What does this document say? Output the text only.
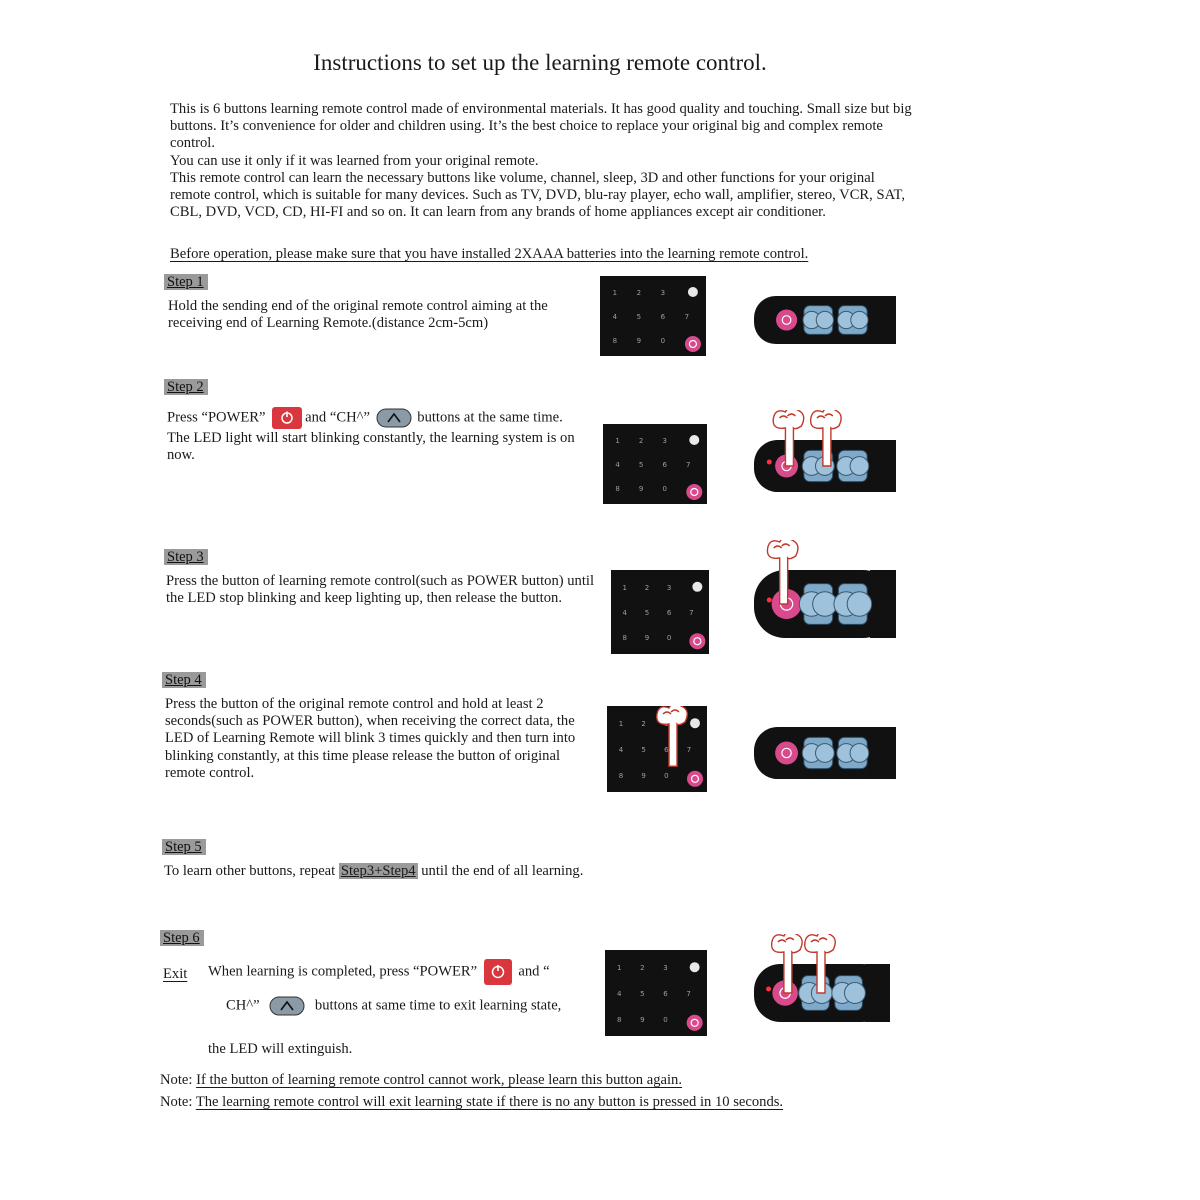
Instructions to set up the learning remote control.

This is 6 buttons learning remote control made of environmental materials. It has good quality and touching. Small size but big buttons. It’s convenience for older and children using. It’s the best choice to replace your original big and complex remote control.

You can use it only if it was learned from your original remote.

This remote control can learn the necessary buttons like volume, channel, sleep, 3D and other functions for your original remote control, which is suitable for many devices. Such as TV, DVD, blu-ray player, echo wall, amplifier, stereo, VCR, SAT, CBL, DVD, VCD, CD, HI-FI and so on. It can learn from any brands of home appliances except air conditioner.

Before operation, please make sure that you have installed 2XAAA batteries into the learning remote control.
Step 1
Hold the sending end of the original remote control aiming at the receiving end of Learning Remote.(distance 2cm-5cm)
Step 2
Press “POWER”	and “CH^”	buttons at the same time.
The LED light will start blinking constantly, the learning system is on now.
Step 3
Press the button of learning remote control(such as POWER button) until the LED stop blinking and keep lighting up, then release the button.
Step 4
Press the button of the original remote control and hold at least 2 seconds(such as POWER button), when receiving the correct data, the LED of Learning Remote will blink 3 times quickly and then turn into blinking constantly, at this time please release the button of original remote control.
Step 5
To learn other buttons, repeat Step3+Step4 until the end of all learning.
Step 6
Exit When learning is completed, press “POWER”	and “
CH^”	buttons at same time to exit learning state,
the LED will extinguish.
Note: If the button of learning remote control cannot work, please learn this button again.
Note: The learning remote control will exit learning state if there is no any button is pressed in 10 seconds.
1	2	3
4	5	6	7
8	9	0
1	2	3
4	5	6	7
8	9	0
1	2	3
4	5	6	7
8	9	0
1	2
4	5	6	7
8	9	0
1	2	3
4	5	6	7
8	9	0
